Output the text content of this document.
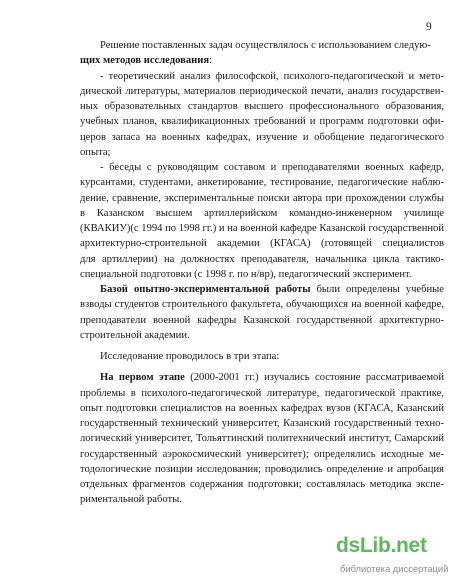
9
Решение поставленных задач осуществлялось с использованием следую-
щих методов исследования:
- теоретический анализ философской, психолого-педагогической и мето-
дической литературы, материалов периодической печати, анализ государствен-
ных образовательных стандартов высшего профессионального образования,
учебных планов, квалификационных требований и программ подготовки офи-
церов запаса на военных кафедрах, изучение и обобщение педагогического
опыта;
- беседы с руководящим составом и преподавателями военных кафедр,
курсантами, студентами, анкетирование, тестирование, педагогические наблю-
дение, сравнение, экспериментальные поиски автора при прохождении службы
в Казанском высшем артиллерийском командно-инженерном училище
(КВАКИУ)(с 1994 по 1998 гг.) и на военной кафедре Казанской государственной
архитектурно-строительной академии (КГАСА) (готовящей специалистов
для артиллерии) на должностях преподавателя, начальника цикла тактико-
специальной подготовки (с 1998 г. по н/вр), педагогический эксперимент.
Базой опытно-экспериментальной работы были определены учебные
взводы студентов строительного факультета, обучающихся на военной кафедре,
преподаватели военной кафедры Казанской государственной архитектурно-
строительной академии.
Исследование проводилось в три этапа:
На первом этапе (2000-2001 гг.) изучались состояние рассматриваемой
проблемы в психолого-педагогической литературе, педагогической практике,
опыт подготовки специалистов на военных кафедрах вузов (КГАСА, Казанский
государственный технический университет, Казанский государственный техно-
логический университет, Тольяттинский политехнический институт, Самарский
государственный аэрокосмический университет); определялись исходные ме-
тодологические позиции исследования; проводились определение и апробация
отдельных фрагментов содержания подготовки; составлялась методика экспе-
риментальной работы.
dsLib.net
библиотека диссертаций
